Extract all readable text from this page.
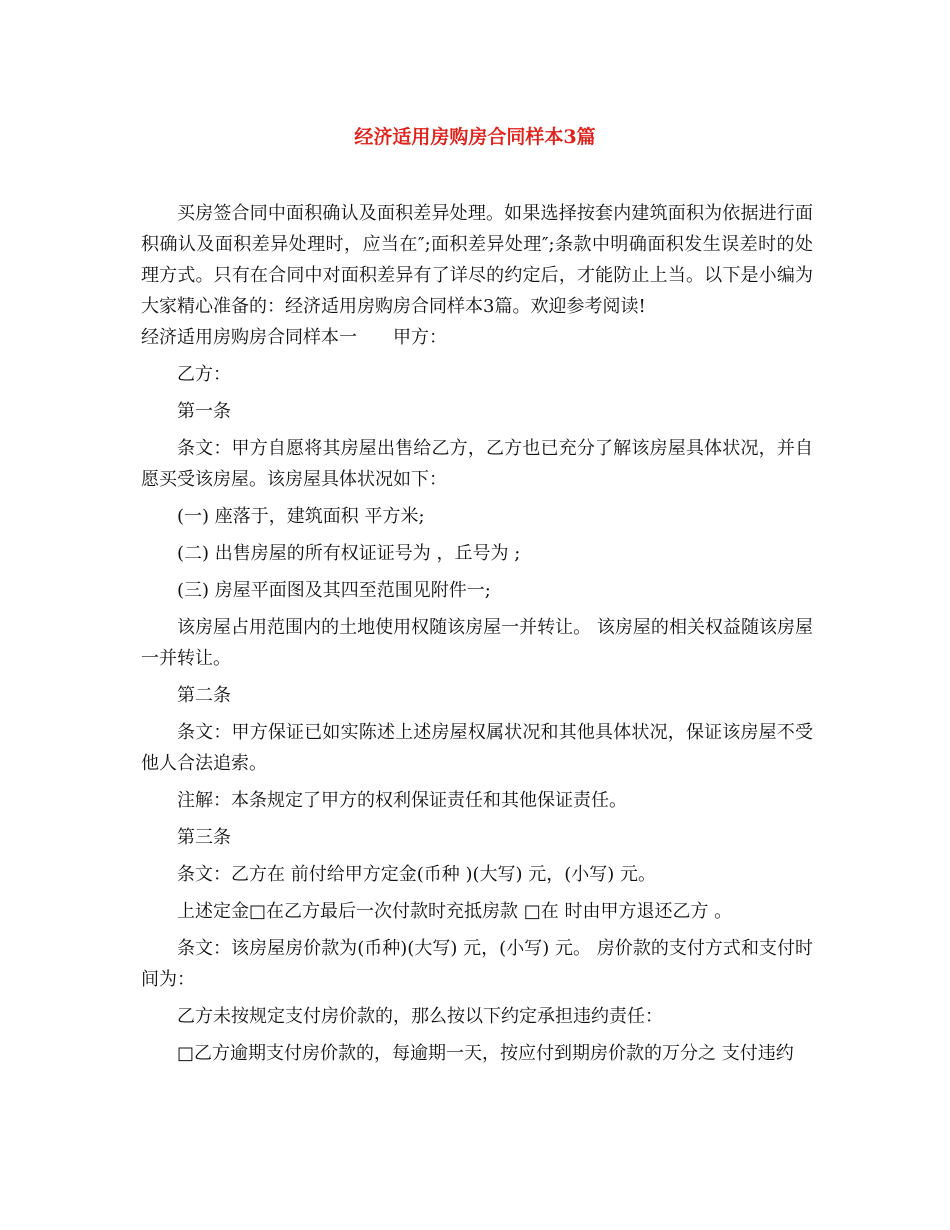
经济适用房购房合同样本3篇

买房签合同中面积确认及面积差异处理。如果选择按套内建筑面积为依据进行面积确认及面积差异处理时，应当在″;面积差异处理″;条款中明确面积发生误差时的处理方式。只有在合同中对面积差异有了详尽的约定后，才能防止上当。以下是小编为大家精心准备的：经济适用房购房合同样本3篇。欢迎参考阅读!

经济适用房购房合同样本一　　甲方：

乙方：

第一条

条文：甲方自愿将其房屋出售给乙方，乙方也已充分了解该房屋具体状况，并自愿买受该房屋。该房屋具体状况如下：

(一) 座落于，建筑面积 平方米;

(二) 出售房屋的所有权证证号为 ，丘号为 ;

(三) 房屋平面图及其四至范围见附件一;

该房屋占用范围内的土地使用权随该房屋一并转让。 该房屋的相关权益随该房屋一并转让。

第二条

条文：甲方保证已如实陈述上述房屋权属状况和其他具体状况，保证该房屋不受他人合法追索。

注解：本条规定了甲方的权利保证责任和其他保证责任。

第三条

条文：乙方在 前付给甲方定金(币种 )(大写) 元，(小写) 元。

上述定金□在乙方最后一次付款时充抵房款 □在 时由甲方退还乙方 。

条文：该房屋房价款为(币种)(大写) 元，(小写) 元。 房价款的支付方式和支付时间为：

乙方未按规定支付房价款的，那么按以下约定承担违约责任：

□乙方逾期支付房价款的，每逾期一天，按应付到期房价款的万分之 支付违约
